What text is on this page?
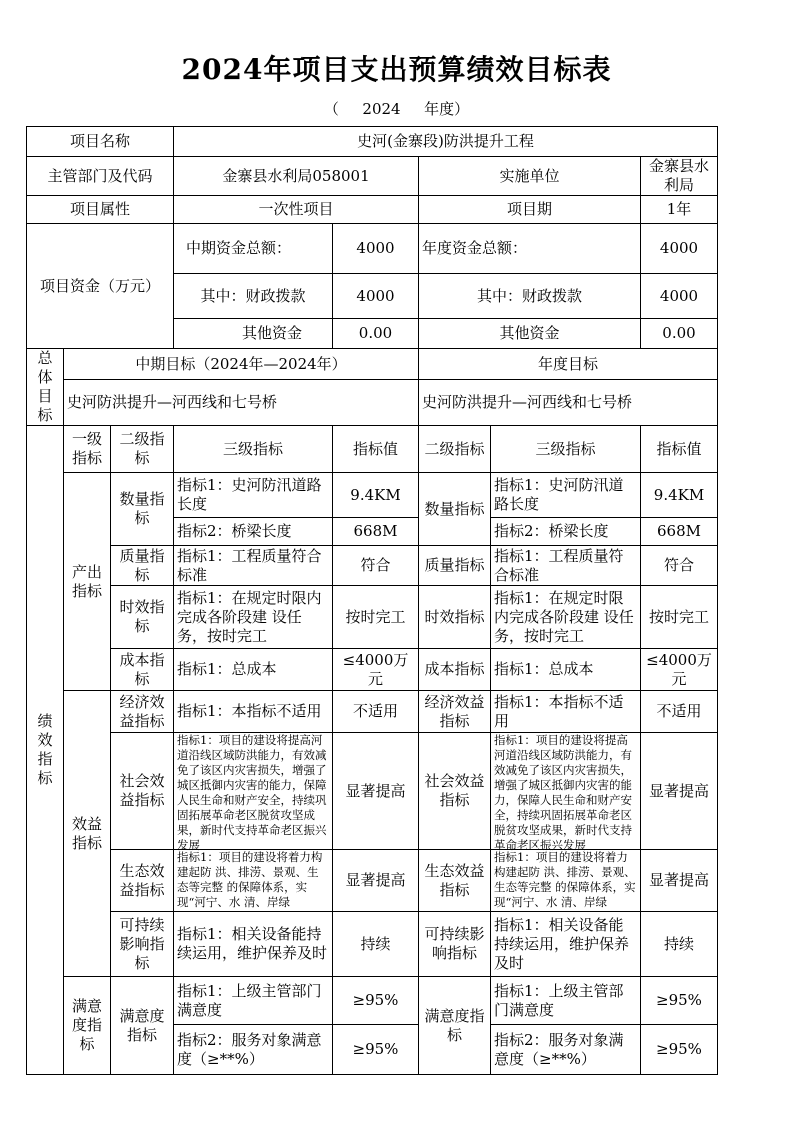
2024年项目支出预算绩效目标表
（ 2024 年度）
项目名称			史河(金寨段)防洪提升工程				
主管部门及代码			金寨县水利局058001		实施单位		金寨县水利局
项目属性			一次性项目		项目期		1年
项目资金（万元）			中期资金总额：	4000	年度资金总额：		4000
			其中：财政拨款	4000	其中：财政拨款		4000
			其他资金	0.00	其他资金		0.00
总体目标	中期目标（2024年—2024年）				年度目标		
	史河防洪提升—河西线和七号桥				史河防洪提升—河西线和七号桥		
绩效指标	一级指标	二级指标	三级指标	指标值	二级指标	三级指标	指标值
	产出指标	数量指标	指标1：史河防汛道路长度	9.4KM	数量指标	指标1：史河防汛道路长度	9.4KM
			指标2：桥梁长度	668M		指标2：桥梁长度	668M
		质量指标	指标1：工程质量符合标准	符合	质量指标	指标1：工程质量符合标准	符合
		时效指标	指标1：在规定时限内完成各阶段建 设任务，按时完工	按时完工	时效指标	指标1：在规定时限内完成各阶段建 设任务，按时完工	按时完工
		成本指标	指标1：总成本	≤4000万元	成本指标	指标1：总成本	≤4000万元

	效益指标	经济效益指标	指标1：本指标不适用	不适用	经济效益指标	指标1：本指标不适用	不适用
		社会效益指标	指标1：项目的建设将提高河道沿线区域防洪能力，有效减免了该区内灾害损失，增强了城区抵御内灾害的能力，保障人民生命和财产安全，持续巩固拓展革命老区脱贫攻坚成果，新时代支持革命老区振兴发展	显著提高	社会效益指标	指标1：项目的建设将提高河道沿线区域防洪能力，有效减免了该区内灾害损失，增强了城区抵御内灾害的能力，保障人民生命和财产安全，持续巩固拓展革命老区脱贫攻坚成果，新时代支持革命老区振兴发展	显著提高
		生态效益指标	指标1：项目的建设将着力构建起防 洪、排涝、景观、生态等完整 的保障体系，实现“河宁、水 清、岸绿	显著提高	生态效益指标	指标1：项目的建设将着力构建起防 洪、排涝、景观、生态等完整 的保障体系，实现“河宁、水 清、岸绿	显著提高
		可持续影响指标	指标1：相关设备能持续运用，维护保养及时	持续	可持续影响指标	指标1：相关设备能持续运用，维护保养及时	持续
	满意度指标	满意度指标	指标1：上级主管部门满意度	≥95%	满意度指标	指标1：上级主管部门满意度	≥95%
			指标2：服务对象满意度（≥**%）	≥95%		指标2：服务对象满意度（≥**%）	≥95%
